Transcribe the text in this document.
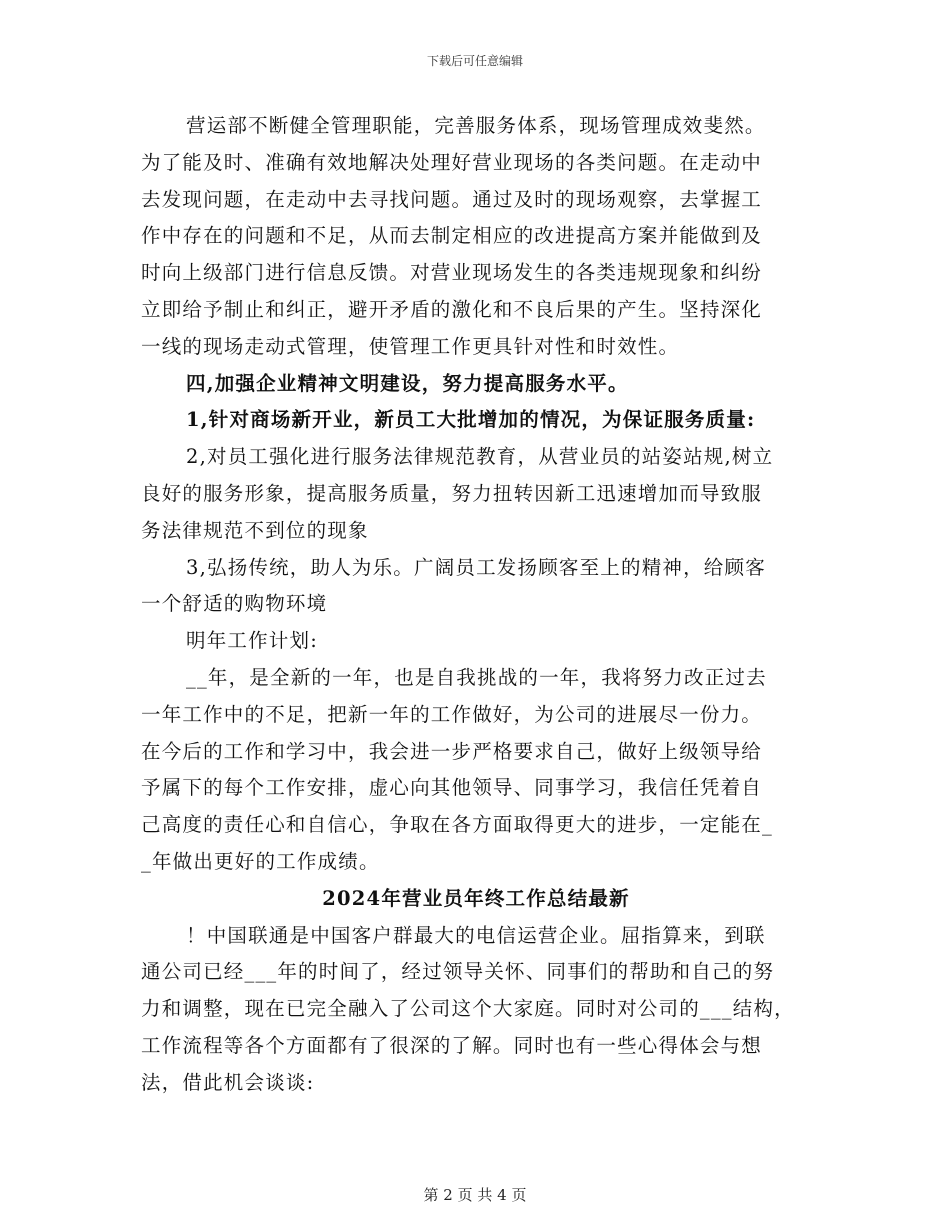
下载后可任意编辑
营运部不断健全管理职能，完善服务体系，现场管理成效斐然。
为了能及时、准确有效地解决处理好营业现场的各类问题。在走动中
去发现问题，在走动中去寻找问题。通过及时的现场观察，去掌握工
作中存在的问题和不足，从而去制定相应的改进提高方案并能做到及
时向上级部门进行信息反馈。对营业现场发生的各类违规现象和纠纷
立即给予制止和纠正，避开矛盾的激化和不良后果的产生。坚持深化
一线的现场走动式管理，使管理工作更具针对性和时效性。
四,加强企业精神文明建设，努力提高服务水平。
1,针对商场新开业，新员工大批增加的情况，为保证服务质量:
2,对员工强化进行服务法律规范教育，从营业员的站姿站规,树立
良好的服务形象，提高服务质量，努力扭转因新工迅速增加而导致服
务法律规范不到位的现象
3,弘扬传统，助人为乐。广阔员工发扬顾客至上的精神，给顾客
一个舒适的购物环境
明年工作计划:
__年，是全新的一年，也是自我挑战的一年，我将努力改正过去
一年工作中的不足，把新一年的工作做好，为公司的进展尽一份力。
在今后的工作和学习中，我会进一步严格要求自己，做好上级领导给
予属下的每个工作安排，虚心向其他领导、同事学习，我信任凭着自
己高度的责任心和自信心，争取在各方面取得更大的进步，一定能在_
_年做出更好的工作成绩。
2024年营业员年终工作总结最新
！中国联通是中国客户群最大的电信运营企业。屈指算来，到联
通公司已经___年的时间了，经过领导关怀、同事们的帮助和自己的努
力和调整，现在已完全融入了公司这个大家庭。同时对公司的___结构，
工作流程等各个方面都有了很深的了解。同时也有一些心得体会与想
法，借此机会谈谈:
第 2 页 共 4 页
